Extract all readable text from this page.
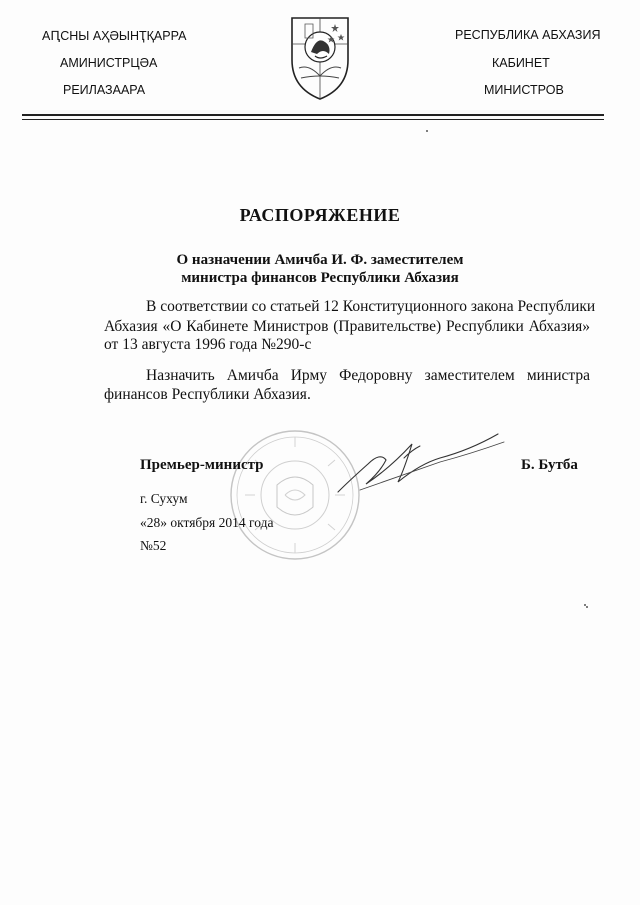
АԤСНЫ АҲӘЫНҬҚАРРА
АМИНИСТРЦӘА
РЕИЛАЗААРА
РЕСПУБЛИКА АБХАЗИЯ
КАБИНЕТ
МИНИСТРОВ
РАСПОРЯЖЕНИЕ
О назначении Амичба И. Ф. заместителем
министра финансов Республики Абхазия
В соответствии со статьей 12 Конституционного закона Республики
Абхазия «О Кабинете Министров (Правительстве) Республики Абхазия»
от 13 августа 1996 года №290-с
Назначить Амичба Ирму Федоровну заместителем министра
финансов Республики Абхазия.
Премьер-министр	Б. Бутба
г. Сухум
«28» октября 2014 года
№52
